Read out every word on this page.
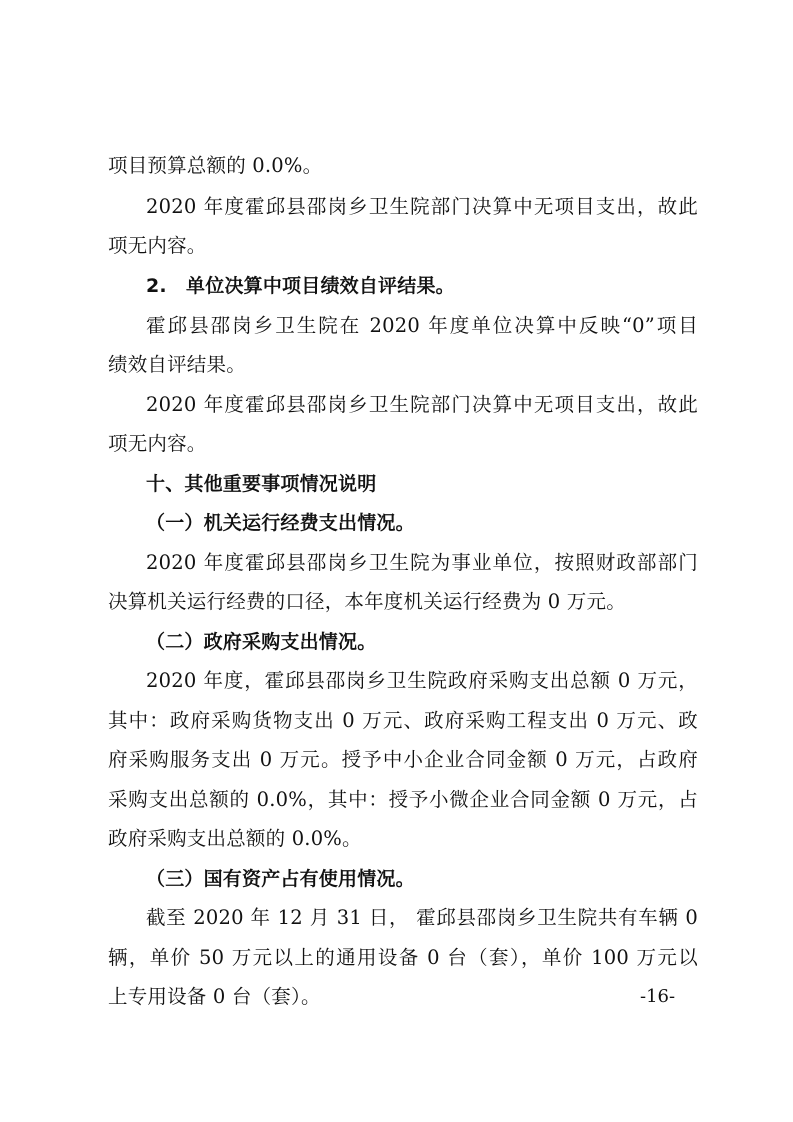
项目预算总额的 0.0%。
2020 年度霍邱县邵岗乡卫生院部门决算中无项目支出，故此
项无内容。
2.　单位决算中项目绩效自评结果。
霍邱县邵岗乡卫生院在 2020 年度单位决算中反映“0”项目
绩效自评结果。
2020 年度霍邱县邵岗乡卫生院部门决算中无项目支出，故此
项无内容。
十、其他重要事项情况说明
（一）机关运行经费支出情况。
2020 年度霍邱县邵岗乡卫生院为事业单位，按照财政部部门
决算机关运行经费的口径，本年度机关运行经费为 0 万元。
（二）政府采购支出情况。
2020 年度，霍邱县邵岗乡卫生院政府采购支出总额 0 万元，
其中：政府采购货物支出 0 万元、政府采购工程支出 0 万元、政
府采购服务支出 0 万元。授予中小企业合同金额 0 万元，占政府
采购支出总额的 0.0%，其中：授予小微企业合同金额 0 万元，占
政府采购支出总额的 0.0%。
（三）国有资产占有使用情况。
截至 2020 年 12 月 31 日， 霍邱县邵岗乡卫生院共有车辆 0
辆，单价 50 万元以上的通用设备 0 台（套），单价 100 万元以
上专用设备 0 台（套）。	-16-
